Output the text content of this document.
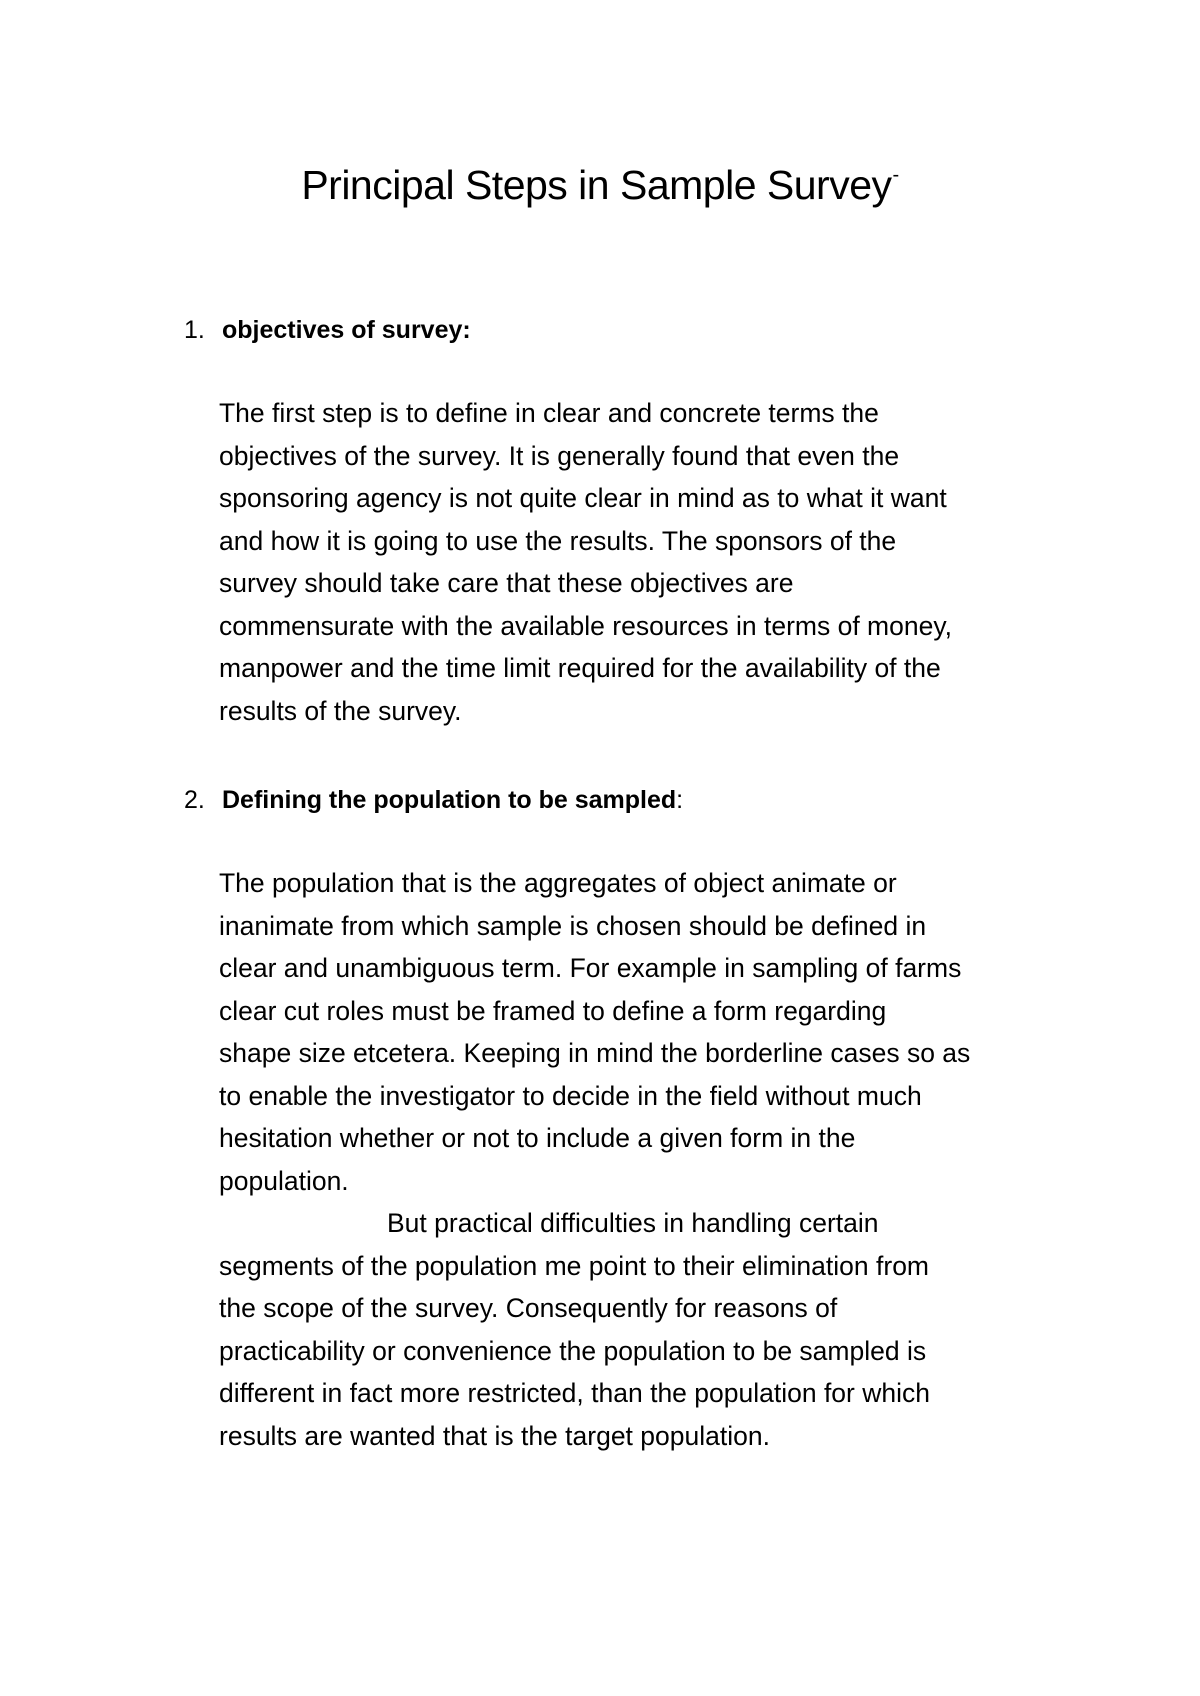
Principal Steps in Sample Survey-
1. objectives of survey:
The first step is to define in clear and concrete terms the
objectives of the survey. It is generally found that even the
sponsoring agency is not quite clear in mind as to what it want
and how it is going to use the results. The sponsors of the
survey should take care that these objectives are
commensurate with the available resources in terms of money,
manpower and the time limit required for the availability of the
results of the survey.
2. Defining the population to be sampled:
The population that is the aggregates of object animate or
inanimate from which sample is chosen should be defined in
clear and unambiguous term. For example in sampling of farms
clear cut roles must be framed to define a form regarding
shape size etcetera. Keeping in mind the borderline cases so as
to enable the investigator to decide in the field without much
hesitation whether or not to include a given form in the
population.
But practical difficulties in handling certain
segments of the population me point to their elimination from
the scope of the survey. Consequently for reasons of
practicability or convenience the population to be sampled is
different in fact more restricted, than the population for which
results are wanted that is the target population.
